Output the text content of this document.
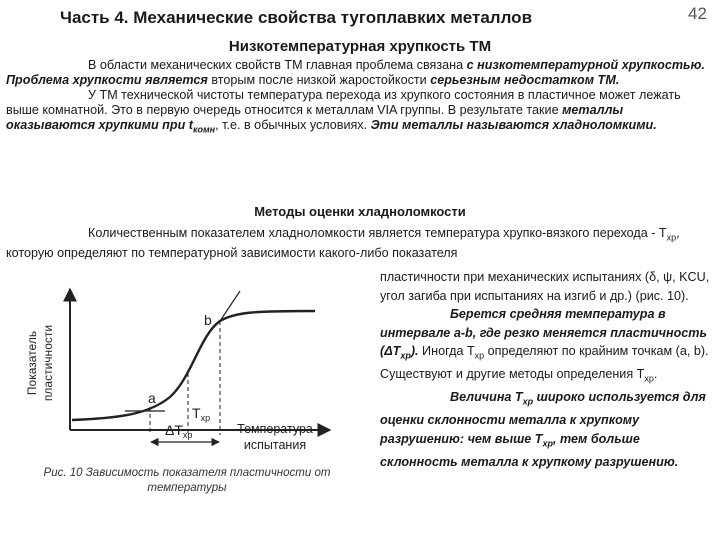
Часть 4. Механические свойства тугоплавких металлов	42
Низкотемпературная хрупкость ТМ

В области механических свойств ТМ главная проблема связана с низкотемпературной хрупкостью. Проблема хрупкости является вторым после низкой жаростойкости серьезным недостатком ТМ.

У ТМ технической чистоты температура перехода из хрупкого состояния в пластичное может лежать выше комнатной. Это в первую очередь относится к металлам VIA группы. В результате такие металлы оказываются хрупкими при $t_{комн}$, т.е. в обычных условиях. Эти металлы называются хладноломкими.

Методы оценки хладноломкости

Количественным показателем хладноломкости является температура хрупко-вязкого перехода - $Т_{хр}$, которую определяют по температурной зависимости какого-либо показателя

пластичности при механических испытаниях (δ, ψ, KCU, угол загиба при испытаниях на изгиб и др.) (рис. 10).
Берется средняя температура в интервале a-b, где резко меняется пластичность $(\Delta Т_{хр})$. Иногда $Т_{хр}$ определяют по крайним точкам (a, b). Существуют и другие методы определения $Т_{хр}$.
Величина $Т_{хр}$ широко используется для оценки склонности металла к хрупкому разрушению: чем выше $Т_{хр}$, тем больше склонность металла к хрупкому разрушению.
Показатель пластичности	a
b
$T_{хр}$
$\Delta T_{хр}$	Температура
испытания
Рис. 10 Зависимость показателя пластичности от температуры
